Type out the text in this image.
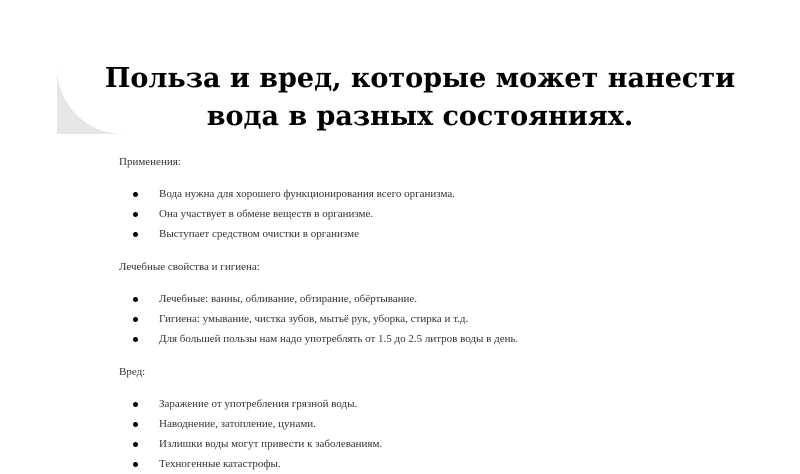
Польза и вред, которые может нанести
вода в разных состояниях.

Применения:

Вода нужна для хорошего функционирования всего организма.
Она участвует в обмене веществ в организме.
Выступает средством очистки в организме

Лечебные свойства и гигиена:

Лечебные: ванны, обливание, обтирание, обёртывание.
Гигиена: умывание, чистка зубов, мытьё рук, уборка, стирка и т.д.
Для большей пользы нам надо употреблять от 1.5 до 2.5 литров воды в день.

Вред:

Заражение от употребления грязной воды.
Наводнение, затопление, цунами.
Излишки воды могут привести к заболеваниям.
Техногенные катастрофы.
